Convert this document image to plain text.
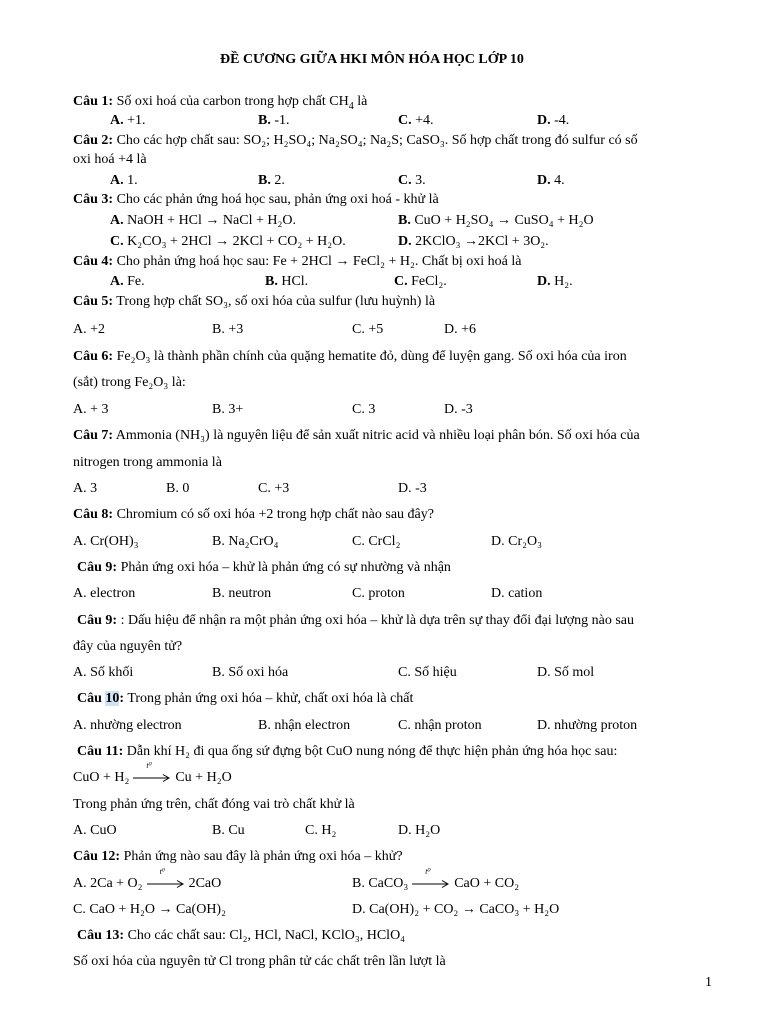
ĐỀ CƯƠNG GIỮA HKI MÔN HÓA HỌC LỚP 10
Câu 1: Số oxi hoá của carbon trong hợp chất $CH_4$ là
A. +1.	B. -1.	C. +4.	D. -4.
Câu 2: Cho các hợp chất sau: SO₂; H₂SO₄; Na₂SO₄; Na₂S; CaSO₃. Số hợp chất trong đó sulfur có số
oxi hoá +4 là
A. 1.	B. 2.	C. 3.	D. 4.
Câu 3: Cho các phản ứng hoá học sau, phản ứng oxi hoá - khử là
A. NaOH + HCl → NaCl + H₂O.	B. CuO + H₂SO₄ → CuSO₄ + H₂O
C. K₂CO₃ + 2HCl → 2KCl + CO₂ + H₂O.	D. 2KClO₃ →2KCl + 3O₂.
Câu 4: Cho phản ứng hoá học sau: Fe + 2HCl → FeCl₂ + H₂. Chất bị oxi hoá là
A. Fe.	B. HCl.	C. FeCl₂.	D. H₂.
Câu 5: Trong hợp chất SO₃, số oxi hóa của sulfur (lưu huỳnh) là
A. +2	B. +3	C. +5	D. +6
Câu 6: Fe₂O₃ là thành phần chính của quặng hematite đỏ, dùng để luyện gang. Số oxi hóa của iron
(sắt) trong Fe₂O₃ là:
A. + 3	B. 3+	C. 3	D. -3
Câu 7: Ammonia (NH₃) là nguyên liệu để sản xuất nitric acid và nhiều loại phân bón. Số oxi hóa của
nitrogen trong ammonia là
A. 3	B. 0	C. +3	D. -3
Câu 8: Chromium có số oxi hóa +2 trong hợp chất nào sau đây?
A. Cr(OH)₃	B. Na₂CrO₄	C. CrCl₂	D. Cr₂O₃
Câu 9: Phản ứng oxi hóa – khử là phản ứng có sự nhường và nhận
A. electron	B. neutron	C. proton	D. cation
Câu 9: : Dấu hiệu để nhận ra một phản ứng oxi hóa – khử là dựa trên sự thay đổi đại lượng nào sau
đây của nguyên tử?
A. Số khối	B. Số oxi hóa	C. Số hiệu	D. Số mol
Câu 10: Trong phản ứng oxi hóa – khử, chất oxi hóa là chất
A. nhường electron	B. nhận electron	C. nhận proton	D. nhường proton
Câu 11: Dẫn khí H₂ đi qua ống sứ đựng bột CuO nung nóng để thực hiện phản ứng hóa học sau:
CuO + H₂
t⁰
Cu + H₂O
Trong phản ứng trên, chất đóng vai trò chất khử là
A. CuO	B. Cu	C. H₂	D. H₂O
Câu 12: Phản ứng nào sau đây là phản ứng oxi hóa – khử?
A. 2Ca + O₂
t⁰
2CaO	B. CaCO₃
t⁰
CaO + CO₂
C. CaO + H₂O → Ca(OH)₂	D. Ca(OH)₂ + CO₂ → CaCO₃ + H₂O
Câu 13: Cho các chất sau: Cl₂, HCl, NaCl, KClO₃, HClO₄
Số oxi hóa của nguyên tử Cl trong phân tử các chất trên lần lượt là
1
